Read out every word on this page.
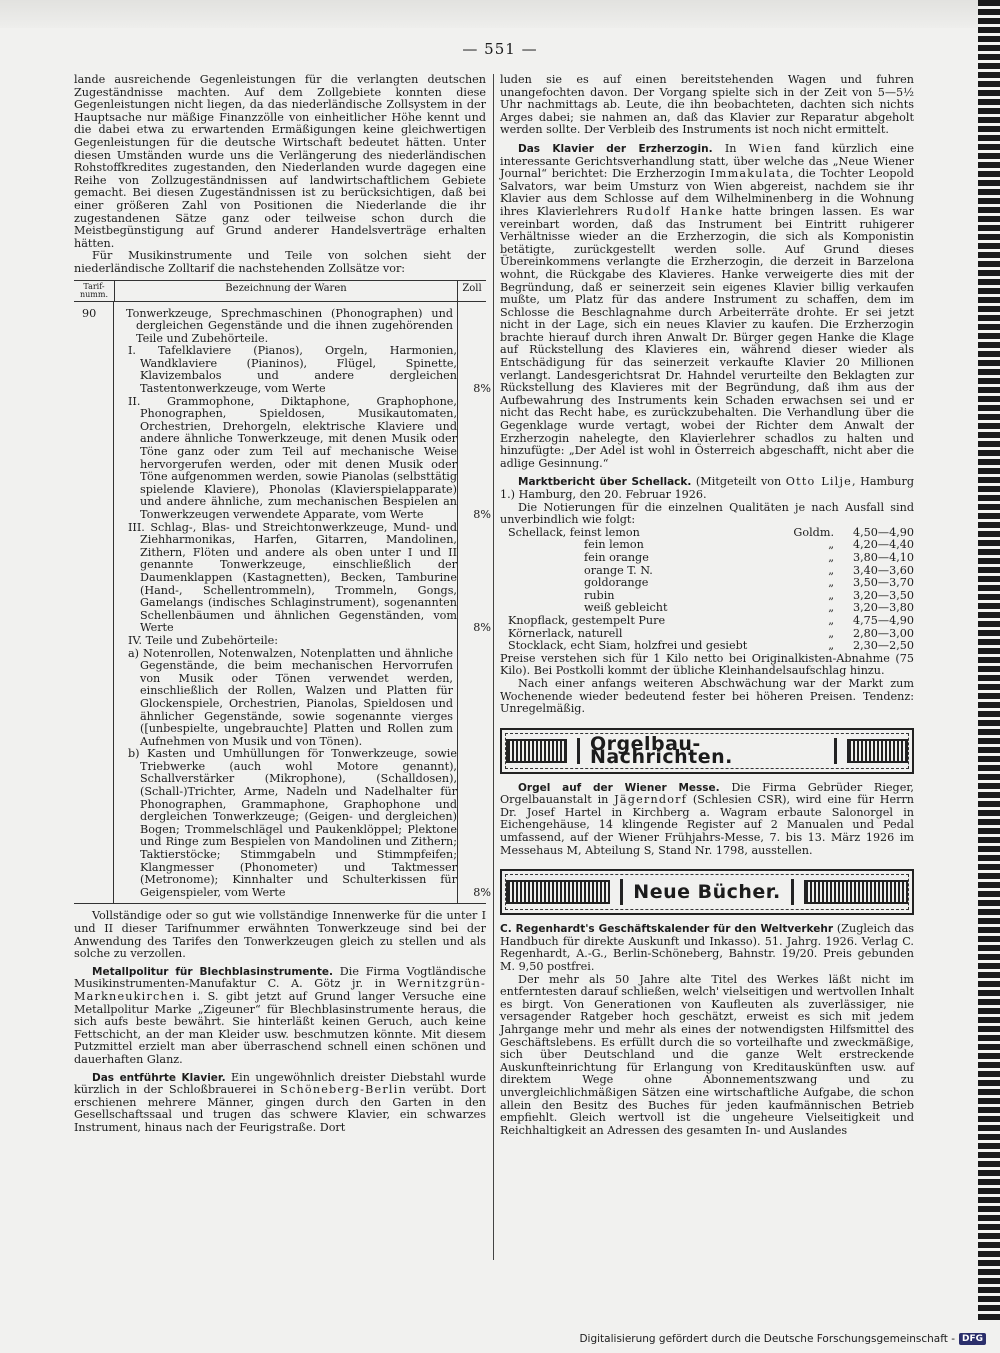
— 551 —

lande ausreichende Gegenleistungen für die verlangten deutschen Zugeständnisse machten. Auf dem Zollgebiete konnten diese Gegenleistungen nicht liegen, da das niederländische Zollsystem in der Hauptsache nur mäßige Finanzzölle von einheitlicher Höhe kennt und die dabei etwa zu erwartenden Ermäßigungen keine gleichwertigen Gegenleistungen für die deutsche Wirtschaft bedeutet hätten. Unter diesen Umständen wurde uns die Verlängerung des niederländischen Rohstoffkredites zugestanden, den Niederlanden wurde dagegen eine Reihe von Zollzugeständnissen auf landwirtschaftlichem Gebiete gemacht. Bei diesen Zugeständnissen ist zu berücksichtigen, daß bei einer größeren Zahl von Positionen die Niederlande die ihr zugestandenen Sätze ganz oder teilweise schon durch die Meistbegünstigung auf Grund anderer Handelsverträge erhalten hätten.

Für Musikinstrumente und Teile von solchen sieht der niederländische Zolltarif die nachstehenden Zollsätze vor:

Tarif-numm.
Bezeichnung der Waren	Zoll
90	Tonwerkzeuge, Sprechmaschinen (Phonographen) und dergleichen Gegenstände und die ihnen zugehörenden Teile und Zubehörteile.

I. Tafelklaviere (Pianos), Orgeln, Harmonien, Wandklaviere (Pianinos), Flügel, Spinette, Klavizembalos und andere dergleichen Tastentonwerkzeuge, vom Werte	8%

II. Grammophone, Diktaphone, Graphophone, Phonographen, Spieldosen, Musikautomaten, Orchestrien, Drehorgeln, elektrische Klaviere und andere ähnliche Tonwerkzeuge, mit denen Musik oder Töne ganz oder zum Teil auf mechanische Weise hervorgerufen werden, oder mit denen Musik oder Töne aufgenommen werden, sowie Pianolas (selbsttätig spielende Klaviere), Phonolas (Klavierspielapparate) und andere ähnliche, zum mechanischen Bespielen an Tonwerkzeugen verwendete Apparate, vom Werte	8%

III. Schlag-, Blas- und Streichtonwerkzeuge, Mund- und Ziehharmonikas, Harfen, Gitarren, Mandolinen, Zithern, Flöten und andere als oben unter I und II genannte Tonwerkzeuge, einschließlich der Daumenklappen (Kastagnetten), Becken, Tamburine (Hand-, Schellentrommeln), Trommeln, Gongs, Gamelangs (indisches Schlaginstrument), sogenannten Schellenbäumen und ähnlichen Gegenständen, vom Werte	8%

IV. Teile und Zubehörteile:

a) Notenrollen, Notenwalzen, Notenplatten und ähnliche Gegenstände, die beim mechanischen Hervorrufen von Musik oder Tönen verwendet werden, einschließlich der Rollen, Walzen und Platten für Glockenspiele, Orchestrien, Pianolas, Spieldosen und ähnlicher Gegenstände, sowie sogenannte vierges ([unbespielte, ungebrauchte] Platten und Rollen zum Aufnehmen von Musik und von Tönen).

b) Kasten und Umhüllungen för Tonwerkzeuge, sowie Triebwerke (auch wohl Motore genannt), Schallverstärker (Mikrophone), (Schalldosen), (Schall-)Trichter, Arme, Nadeln und Nadelhalter für Phonographen, Grammaphone, Graphophone und dergleichen Tonwerkzeuge; (Geigen- und dergleichen) Bogen; Trommelschlägel und Paukenklöppel; Plektone und Ringe zum Bespielen von Mandolinen und Zithern; Taktierstöcke; Stimmgabeln und Stimmpfeifen; Klangmesser (Phonometer) und Taktmesser (Metronome); Kinnhalter und Schulterkissen für Geigenspieler, vom Werte	8%

Vollständige oder so gut wie vollständige Innenwerke für die unter I und II dieser Tarifnummer erwähnten Tonwerkzeuge sind bei der Anwendung des Tarifes den Tonwerkzeugen gleich zu stellen und als solche zu verzollen.

Metallpolitur für Blechblasinstrumente. Die Firma Vogtländische Musikinstrumenten-Manufaktur C. A. Götz jr. in Wernitzgrün-Markneukirchen i. S. gibt jetzt auf Grund langer Versuche eine Metallpolitur Marke „Zigeuner“ für Blechblasinstrumente heraus, die sich aufs beste bewährt. Sie hinterläßt keinen Geruch, auch keine Fettschicht, an der man Kleider usw. beschmutzen könnte. Mit diesem Putzmittel erzielt man aber überraschend schnell einen schönen und dauerhaften Glanz.

Das entführte Klavier. Ein ungewöhnlich dreister Diebstahl wurde kürzlich in der Schloßbrauerei in Schöneberg-Berlin verübt. Dort erschienen mehrere Männer, gingen durch den Garten in den Gesellschaftssaal und trugen das schwere Klavier, ein schwarzes Instrument, hinaus nach der Feurigstraße. Dort

luden sie es auf einen bereitstehenden Wagen und fuhren unangefochten davon. Der Vorgang spielte sich in der Zeit von 5—5½ Uhr nachmittags ab. Leute, die ihn beobachteten, dachten sich nichts Arges dabei; sie nahmen an, daß das Klavier zur Reparatur abgeholt werden sollte. Der Verbleib des Instruments ist noch nicht ermittelt.

Das Klavier der Erzherzogin. In Wien fand kürzlich eine interessante Gerichtsverhandlung statt, über welche das „Neue Wiener Journal“ berichtet: Die Erzherzogin Immakulata, die Tochter Leopold Salvators, war beim Umsturz von Wien abgereist, nachdem sie ihr Klavier aus dem Schlosse auf dem Wilhelminenberg in die Wohnung ihres Klavierlehrers Rudolf Hanke hatte bringen lassen. Es war vereinbart worden, daß das Instrument bei Eintritt ruhigerer Verhältnisse wieder an die Erzherzogin, die sich als Komponistin betätigte, zurückgestellt werden solle. Auf Grund dieses Übereinkommens verlangte die Erzherzogin, die derzeit in Barzelona wohnt, die Rückgabe des Klavieres. Hanke verweigerte dies mit der Begründung, daß er seinerzeit sein eigenes Klavier billig verkaufen mußte, um Platz für das andere Instrument zu schaffen, dem im Schlosse die Beschlagnahme durch Arbeiterräte drohte. Er sei jetzt nicht in der Lage, sich ein neues Klavier zu kaufen. Die Erzherzogin brachte hierauf durch ihren Anwalt Dr. Bürger gegen Hanke die Klage auf Rückstellung des Klavieres ein, während dieser wieder als Entschädigung für das seinerzeit verkaufte Klavier 20 Millionen verlangt. Landesgerichtsrat Dr. Hahndel verurteilte den Beklagten zur Rückstellung des Klavieres mit der Begründung, daß ihm aus der Aufbewahrung des Instruments kein Schaden erwachsen sei und er nicht das Recht habe, es zurückzubehalten. Die Verhandlung über die Gegenklage wurde vertagt, wobei der Richter dem Anwalt der Erzherzogin nahelegte, den Klavierlehrer schadlos zu halten und hinzufügte: „Der Adel ist wohl in Österreich abgeschafft, nicht aber die adlige Gesinnung.“

Marktbericht über Schellack. (Mitgeteilt von Otto Lilje, Hamburg 1.) Hamburg, den 20. Februar 1926.

Die Notierungen für die einzelnen Qualitäten je nach Ausfall sind unverbindlich wie folgt:

Schellack, feinst lemon	Goldm.	4,50—4,90
fein lemon	„	4,20—4,40
fein orange	„	3,80—4,10
orange T. N.	„	3,40—3,60
goldorange	„	3,50—3,70
rubin	„	3,20—3,50
weiß gebleicht	„	3,20—3,80
Knopflack, gestempelt Pure	„	4,75—4,90
Körnerlack, naturell	„	2,80—3,00
Stocklack, echt Siam, holzfrei und gesiebt	„	2,30—2,50

Preise verstehen sich für 1 Kilo netto bei Originalkisten-Abnahme (75 Kilo). Bei Postkolli kommt der übliche Kleinhandelsaufschlag hinzu.

Nach einer anfangs weiteren Abschwächung war der Markt zum Wochenende wieder bedeutend fester bei höheren Preisen. Tendenz: Unregelmäßig.

Orgelbau-Nachrichten.

Orgel auf der Wiener Messe. Die Firma Gebrüder Rieger, Orgelbauanstalt in Jägerndorf (Schlesien CSR), wird eine für Herrn Dr. Josef Hartel in Kirchberg a. Wagram erbaute Salonorgel in Eichengehäuse, 14 klingende Register auf 2 Manualen und Pedal umfassend, auf der Wiener Frühjahrs-Messe, 7. bis 13. März 1926 im Messehaus M, Abteilung S, Stand Nr. 1798, ausstellen.

Neue Bücher.

C. Regenhardt's Geschäftskalender für den Weltverkehr (Zugleich das Handbuch für direkte Auskunft und Inkasso). 51. Jahrg. 1926. Verlag C. Regenhardt, A.-G., Berlin-Schöneberg, Bahnstr. 19/20. Preis gebunden M. 9,50 postfrei.

Der mehr als 50 Jahre alte Titel des Werkes läßt nicht im entferntesten darauf schließen, welch' vielseitigen und wertvollen Inhalt es birgt. Von Generationen von Kaufleuten als zuverlässiger, nie versagender Ratgeber hoch geschätzt, erweist es sich mit jedem Jahrgange mehr und mehr als eines der notwendigsten Hilfsmittel des Geschäftslebens. Es erfüllt durch die so vorteilhafte und zweckmäßige, sich über Deutschland und die ganze Welt erstreckende Auskunfteinrichtung für Erlangung von Kreditauskünften usw. auf direktem Wege ohne Abonnementszwang und zu unvergleichlichmäßigen Sätzen eine wirtschaftliche Aufgabe, die schon allein den Besitz des Buches für jeden kaufmännischen Betrieb empfiehlt. Gleich wertvoll ist die ungeheure Vielseitigkeit und Reichhaltigkeit an Adressen des gesamten In- und Auslandes

Digitalisierung gefördert durch die Deutsche Forschungsgemeinschaft - DFG
